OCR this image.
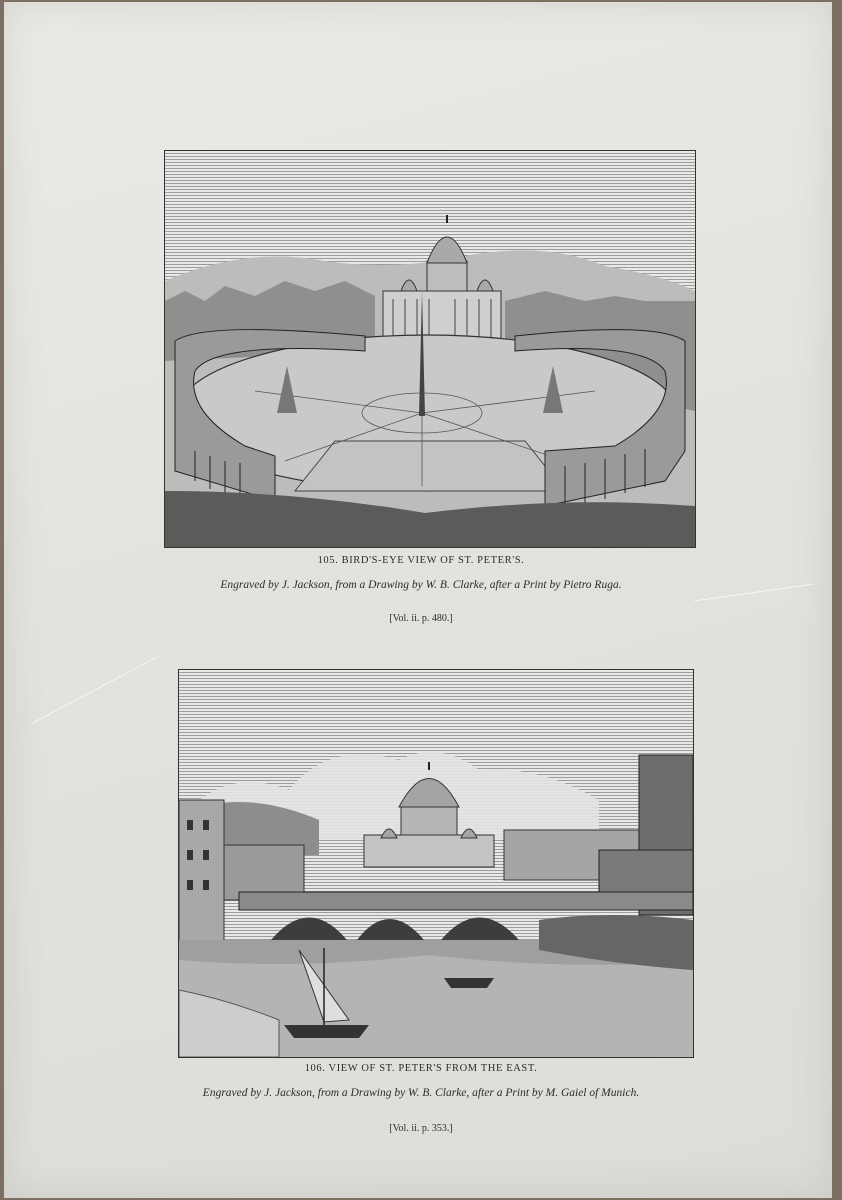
105. BIRD'S-EYE VIEW OF ST. PETER'S.
Engraved by J. Jackson, from a Drawing by W. B. Clarke, after a Print by Pietro Ruga.
[Vol. ii. p. 480.]
106. VIEW OF ST. PETER'S FROM THE EAST.
Engraved by J. Jackson, from a Drawing by W. B. Clarke, after a Print by M. Gaiel of Munich.
[Vol. ii. p. 353.]
